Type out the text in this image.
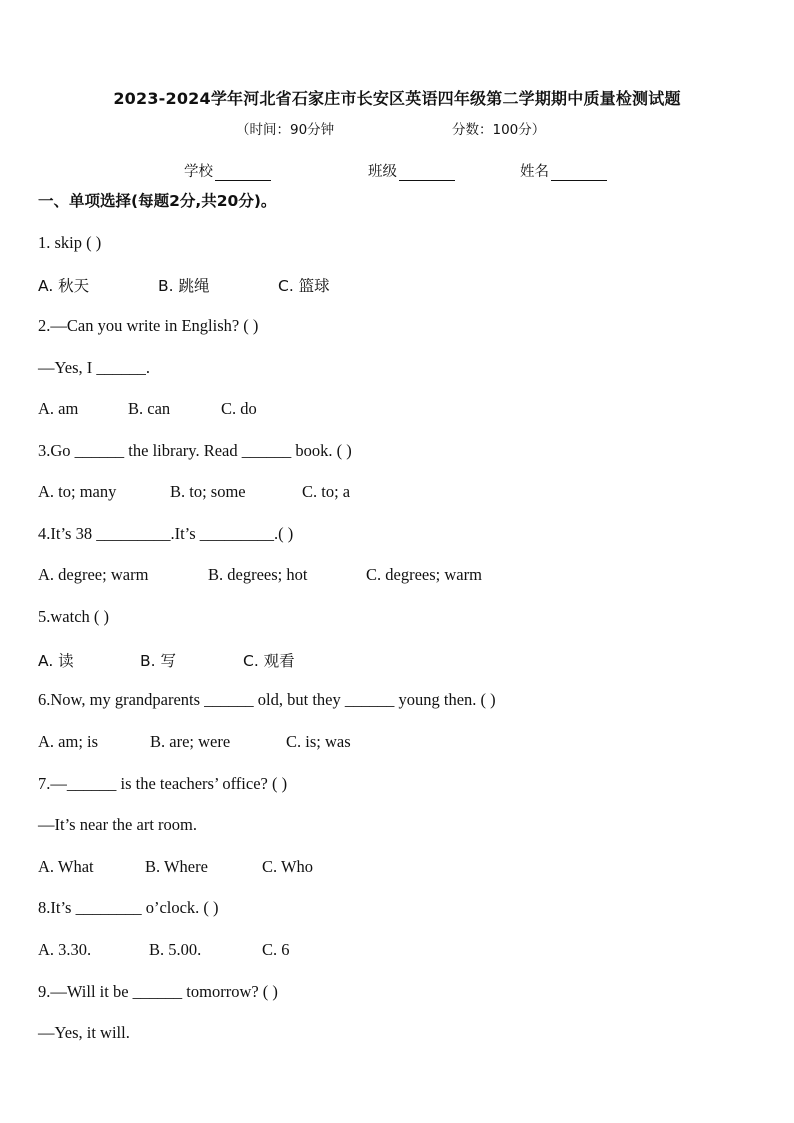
2023-2024学年河北省石家庄市长安区英语四年级第二学期期中质量检测试题
（时间：90分钟	分数：100分）
学校	班级	姓名
一、单项选择(每题2分,共20分)。
1. skip ( )
A. 秋天	B. 跳绳	C. 篮球
2.—Can you write in English? ( )
—Yes, I ______.
A. am	B. can	C. do
3.Go ______ the library. Read ______ book. ( )
A. to; many	B. to; some	C. to; a
4.It’s 38 _________.It’s _________.( )
A. degree; warm	B. degrees; hot	C. degrees; warm
5.watch ( )
A. 读	B. 写	C. 观看
6.Now, my grandparents ______ old, but they ______ young then. ( )
A. am; is	B. are; were	C. is; was
7.—______ is the teachers’ office? ( )
—It’s near the art room.
A. What	B. Where	C. Who
8.It’s ________ o’clock. ( )
A. 3.30.	B. 5.00.	C. 6
9.—Will it be ______ tomorrow? ( )
—Yes, it will.
